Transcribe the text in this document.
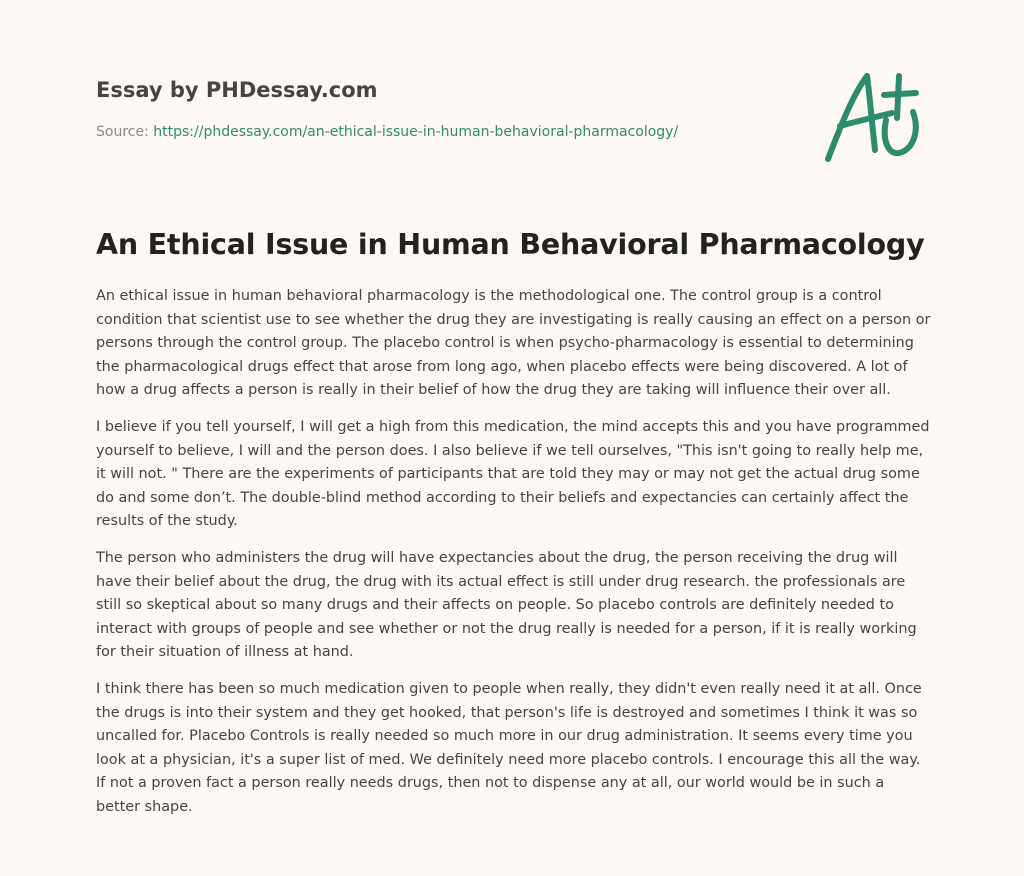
Essay by PHDessay.com
Source: https://phdessay.com/an-ethical-issue-in-human-behavioral-pharmacology/
An Ethical Issue in Human Behavioral Pharmacology

An ethical issue in human behavioral pharmacology is the methodological one. The control group is a control condition that scientist use to see whether the drug they are investigating is really causing an effect on a person or persons through the control group. The placebo control is when psycho-pharmacology is essential to determining the pharmacological drugs effect that arose from long ago, when placebo effects were being discovered. A lot of how a drug affects a person is really in their belief of how the drug they are taking will influence their over all.

I believe if you tell yourself, I will get a high from this medication, the mind accepts this and you have programmed yourself to believe, I will and the person does. I also believe if we tell ourselves, "This isn't going to really help me, it will not. " There are the experiments of participants that are told they may or may not get the actual drug some do and some don’t. The double-blind method according to their beliefs and expectancies can certainly affect the results of the study.

The person who administers the drug will have expectancies about the drug, the person receiving the drug will have their belief about the drug, the drug with its actual effect is still under drug research. the professionals are still so skeptical about so many drugs and their affects on people. So placebo controls are definitely needed to interact with groups of people and see whether or not the drug really is needed for a person, if it is really working for their situation of illness at hand.

I think there has been so much medication given to people when really, they didn't even really need it at all. Once the drugs is into their system and they get hooked, that person's life is destroyed and sometimes I think it was so uncalled for. Placebo Controls is really needed so much more in our drug administration. It seems every time you look at a physician, it's a super list of med. We definitely need more placebo controls. I encourage this all the way. If not a proven fact a person really needs drugs, then not to dispense any at all, our world would be in such a better shape.
